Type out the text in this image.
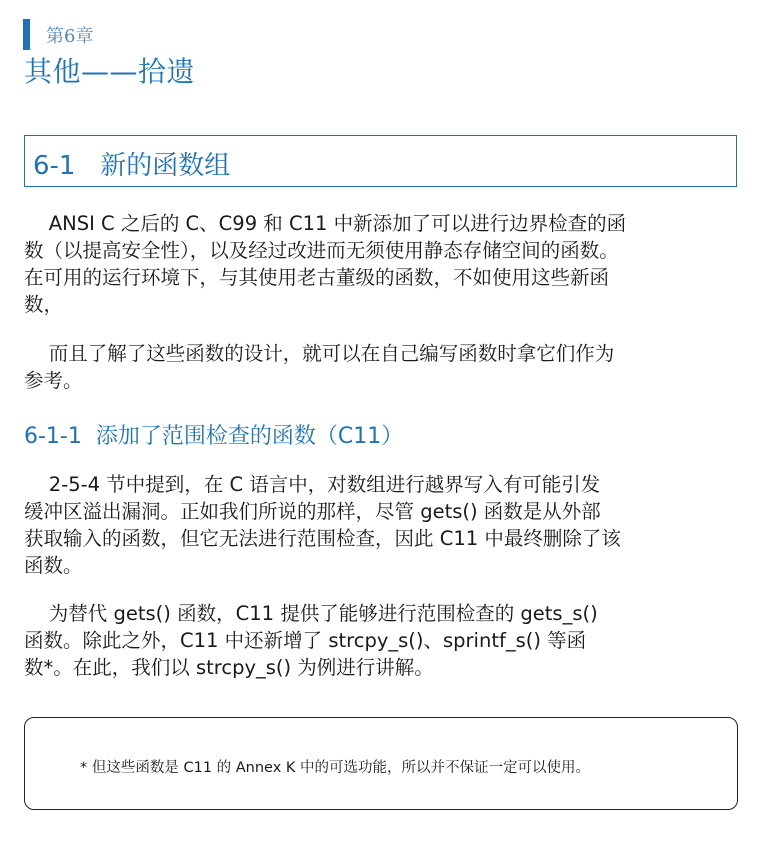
第6章
其他——拾遗
6-1   新的函数组
ANSI C 之后的 C、C99 和 C11 中新添加了可以进行边界检查的函
数（以提高安全性），以及经过改进而无须使用静态存储空间的函数。
在可用的运行环境下，与其使用老古董级的函数，不如使用这些新函
数，
而且了解了这些函数的设计，就可以在自己编写函数时拿它们作为
参考。
6-1-1  添加了范围检查的函数（C11）
2-5-4 节中提到，在 C 语言中，对数组进行越界写入有可能引发
缓冲区溢出漏洞。正如我们所说的那样，尽管 gets() 函数是从外部
获取输入的函数，但它无法进行范围检查，因此 C11 中最终删除了该
函数。
为替代 gets() 函数，C11 提供了能够进行范围检查的 gets_s()
函数。除此之外，C11 中还新增了 strcpy_s()、sprintf_s() 等函
数*。在此，我们以 strcpy_s() 为例进行讲解。
* 但这些函数是 C11 的 Annex K 中的可选功能，所以并不保证一定可以使用。
